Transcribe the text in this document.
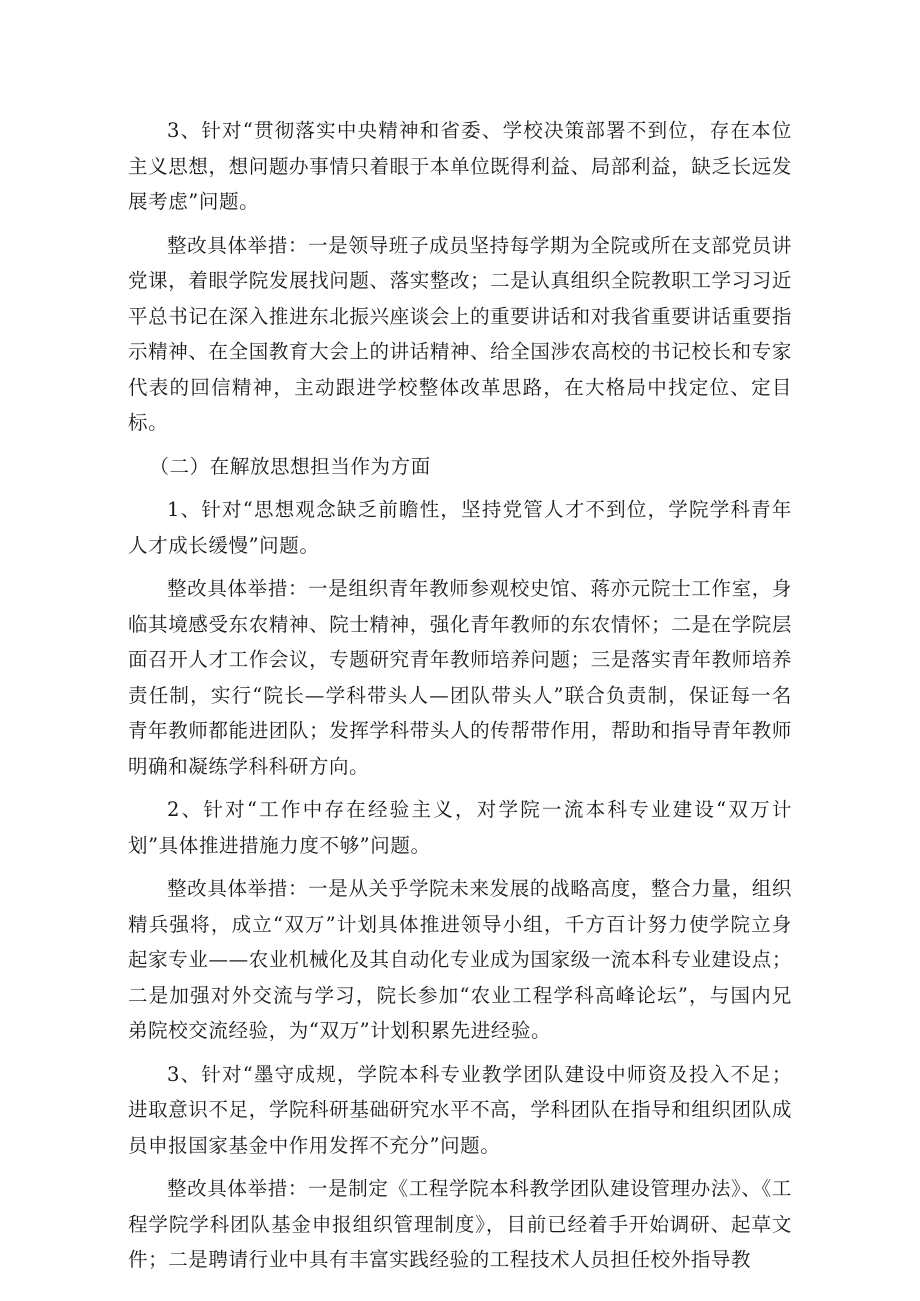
3、针对“贯彻落实中央精神和省委、学校决策部署不到位，存在本位主义思想，想问题办事情只着眼于本单位既得利益、局部利益，缺乏长远发展考虑”问题。

整改具体举措：一是领导班子成员坚持每学期为全院或所在支部党员讲党课，着眼学院发展找问题、落实整改；二是认真组织全院教职工学习习近平总书记在深入推进东北振兴座谈会上的重要讲话和对我省重要讲话重要指示精神、在全国教育大会上的讲话精神、给全国涉农高校的书记校长和专家代表的回信精神，主动跟进学校整体改革思路，在大格局中找定位、定目标。

（二）在解放思想担当作为方面

1、针对“思想观念缺乏前瞻性，坚持党管人才不到位，学院学科青年人才成长缓慢”问题。

整改具体举措：一是组织青年教师参观校史馆、蒋亦元院士工作室，身临其境感受东农精神、院士精神，强化青年教师的东农情怀；二是在学院层面召开人才工作会议，专题研究青年教师培养问题；三是落实青年教师培养责任制，实行“院长—学科带头人—团队带头人”联合负责制，保证每一名青年教师都能进团队；发挥学科带头人的传帮带作用，帮助和指导青年教师明确和凝练学科科研方向。

2、针对“工作中存在经验主义，对学院一流本科专业建设“双万计划”具体推进措施力度不够”问题。

整改具体举措：一是从关乎学院未来发展的战略高度，整合力量，组织精兵强将，成立“双万”计划具体推进领导小组，千方百计努力使学院立身起家专业——农业机械化及其自动化专业成为国家级一流本科专业建设点；二是加强对外交流与学习，院长参加“农业工程学科高峰论坛”，与国内兄弟院校交流经验，为“双万”计划积累先进经验。

3、针对“墨守成规，学院本科专业教学团队建设中师资及投入不足；进取意识不足，学院科研基础研究水平不高，学科团队在指导和组织团队成员申报国家基金中作用发挥不充分”问题。

整改具体举措：一是制定《工程学院本科教学团队建设管理办法》、《工程学院学科团队基金申报组织管理制度》，目前已经着手开始调研、起草文件；二是聘请行业中具有丰富实践经验的工程技术人员担任校外指导教
